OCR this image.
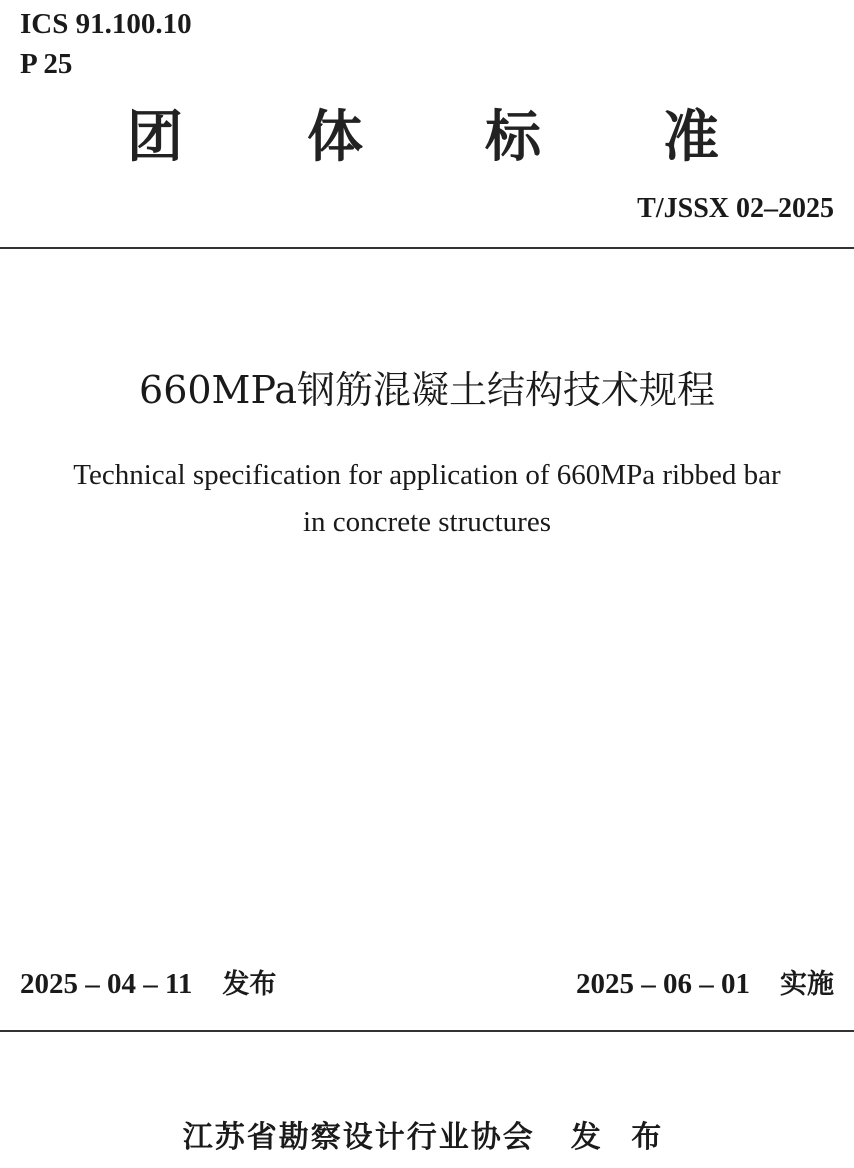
ICS 91.100.10

P 25

团 体 标 准

T/JSSX 02–2025

660MPa钢筋混凝土结构技术规程

Technical specification for application of 660MPa ribbed bar
in concrete structures

2025 – 04 – 11 发布	2025 – 06 – 01 实施
江苏省勘察设计行业协会 发 布
